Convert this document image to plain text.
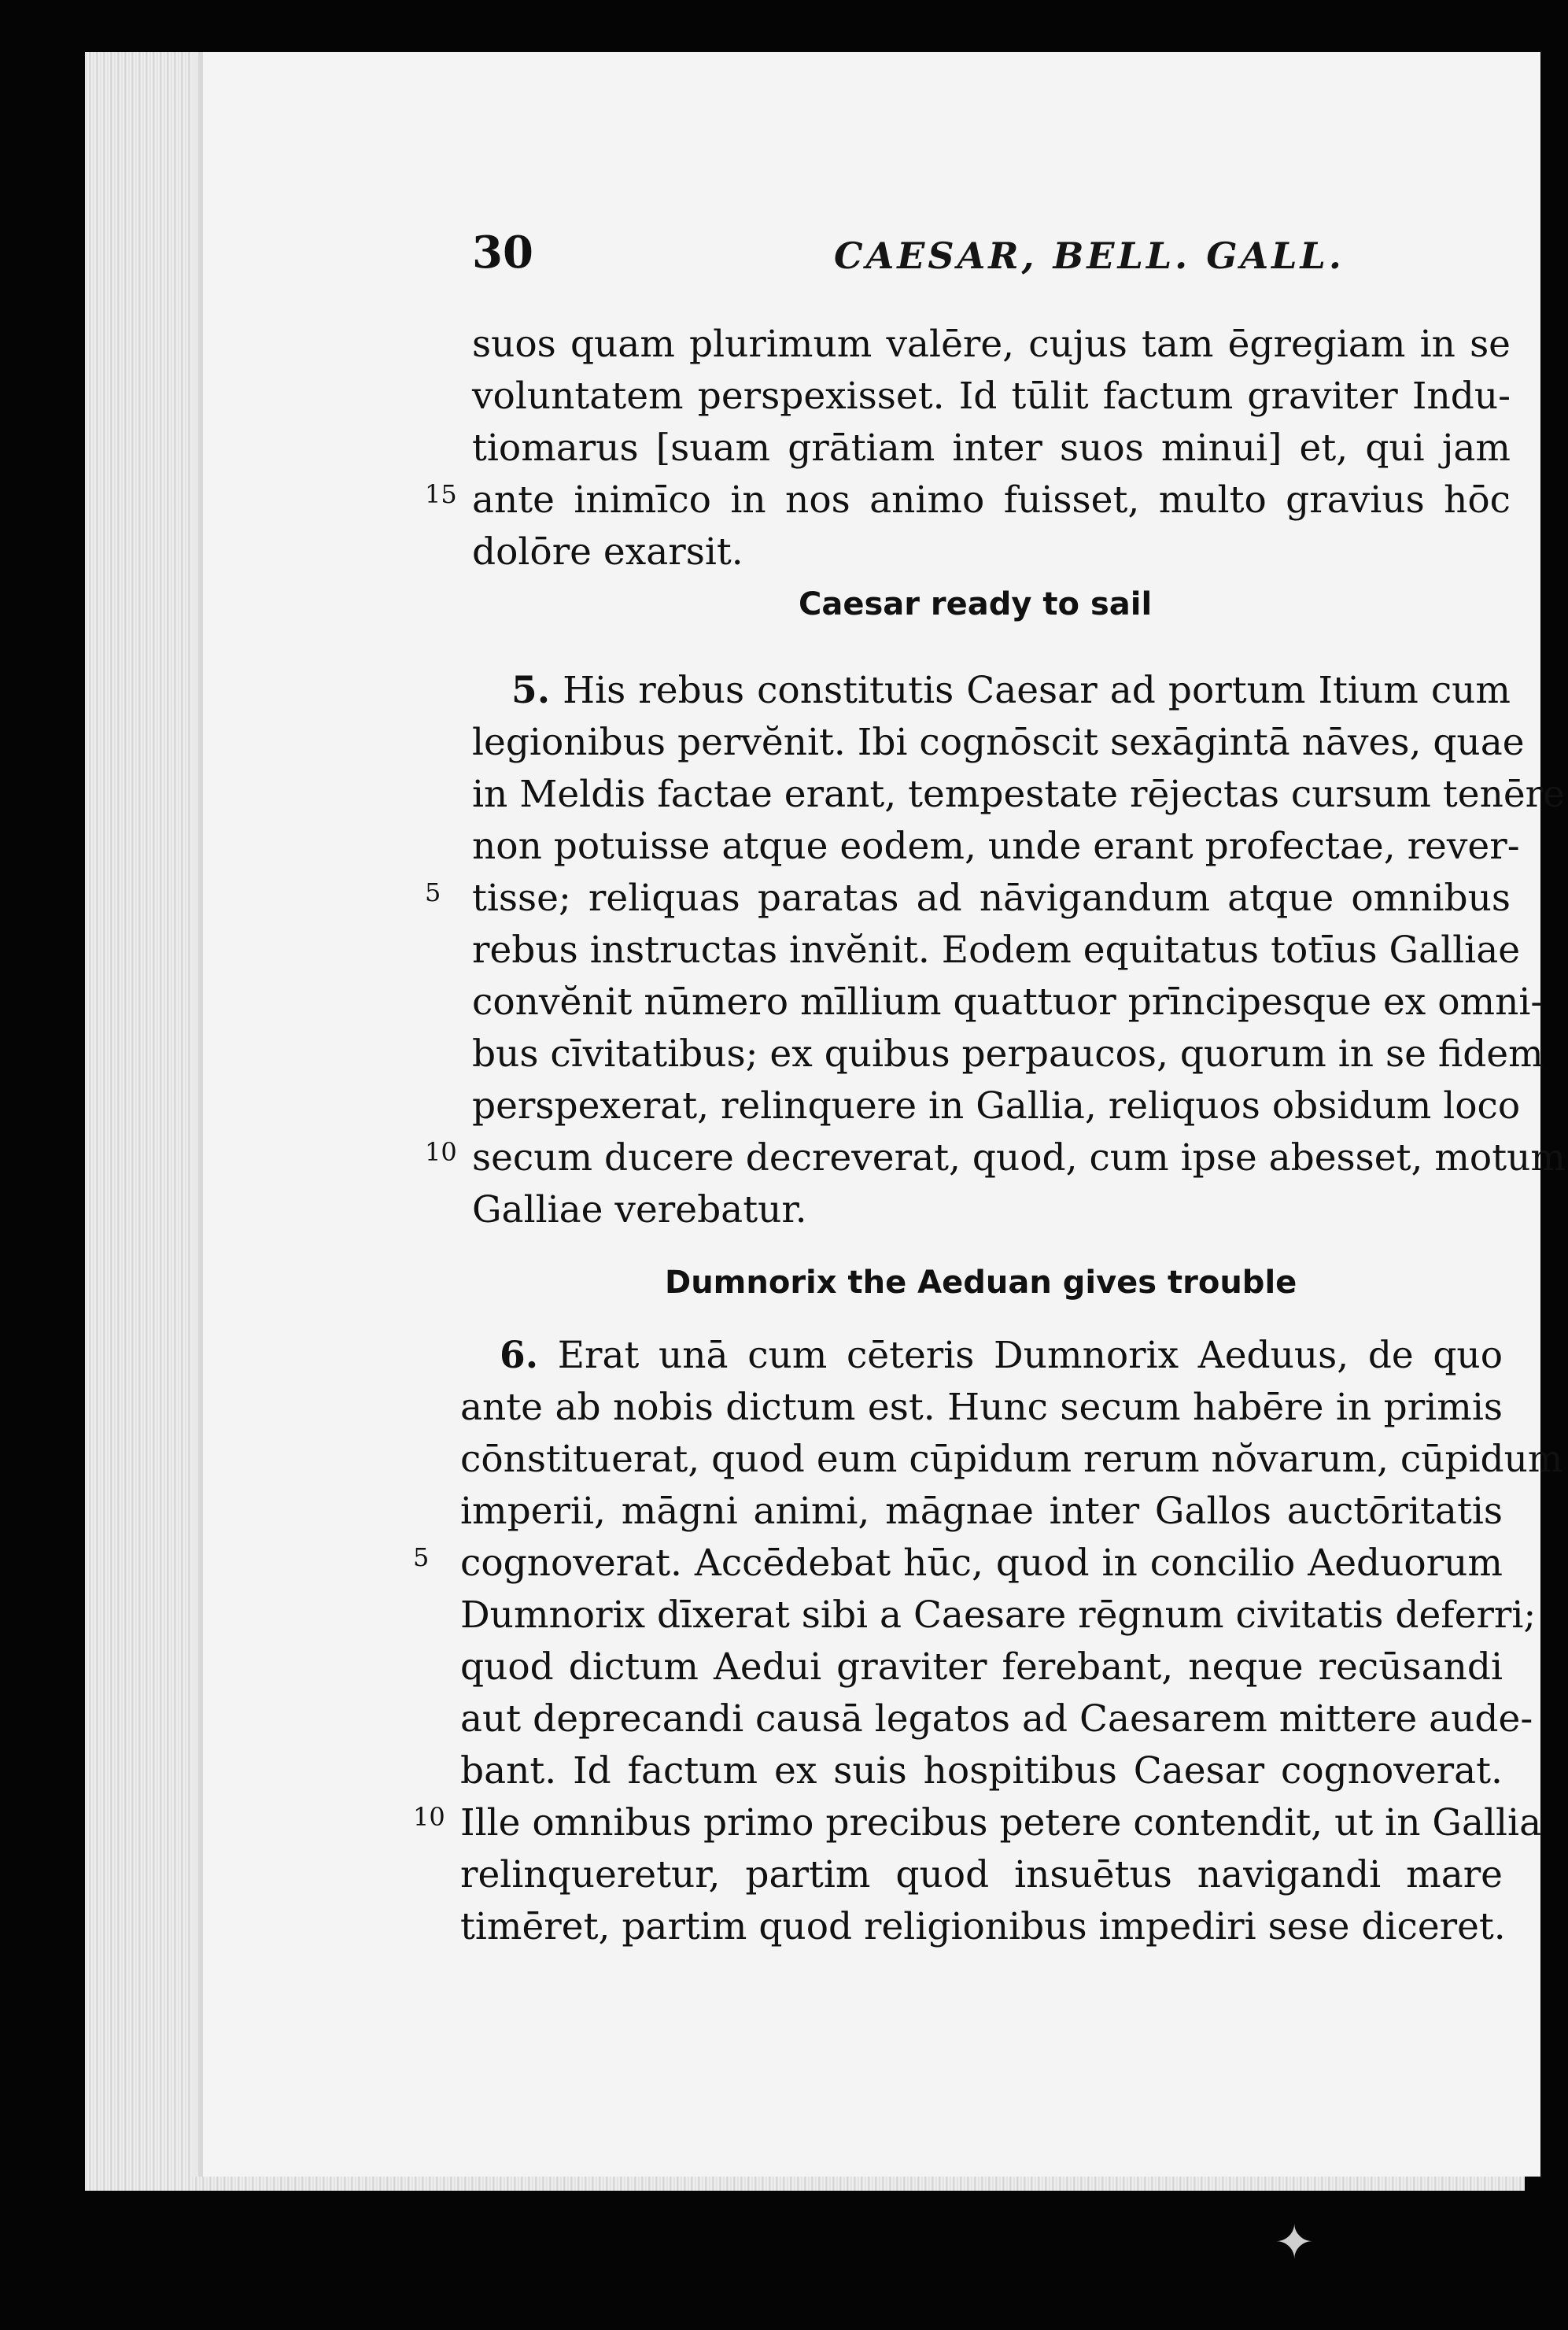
30	CAESAR, BELL. GALL.
suos quam plurimum valēre, cujus tam ēgregiam in se
voluntatem perspexisset. Id tūlit factum graviter Indu-
tiomarus [suam grātiam inter suos minui] et, qui jam
15 ante inimīco in nos animo fuisset, multo gravius hōc
dolōre exarsit.
Caesar ready to sail
5. His rebus constitutis Caesar ad portum Itium cum
legionibus pervĕnit. Ibi cognōscit sexāgintā nāves, quae
in Meldis factae erant, tempestate rējectas cursum tenēre
non potuisse atque eodem, unde erant profectae, rever-
5 tisse; reliquas paratas ad nāvigandum atque omnibus
rebus instructas invĕnit. Eodem equitatus totīus Galliae
convĕnit nūmero mīllium quattuor prīncipesque ex omni-
bus cīvitatibus; ex quibus perpaucos, quorum in se fidem
perspexerat, relinquere in Gallia, reliquos obsidum loco
10 secum ducere decreverat, quod, cum ipse abesset, motum
Galliae verebatur.
Dumnorix the Aeduan gives trouble
6. Erat unā cum cēteris Dumnorix Aeduus, de quo
ante ab nobis dictum est. Hunc secum habēre in primis
cōnstituerat, quod eum cūpidum rerum nŏvarum, cūpidum
imperii, māgni animi, māgnae inter Gallos auctōritatis
5 cognoverat. Accēdebat hūc, quod in concilio Aeduorum
Dumnorix dīxerat sibi a Caesare rēgnum civitatis deferri;
quod dictum Aedui graviter ferebant, neque recūsandi
aut deprecandi causā legatos ad Caesarem mittere aude-
bant. Id factum ex suis hospitibus Caesar cognoverat.
10 Ille omnibus primo precibus petere contendit, ut in Gallia
relinqueretur, partim quod insuētus navigandi mare
timēret, partim quod religionibus impediri sese diceret.
✦
